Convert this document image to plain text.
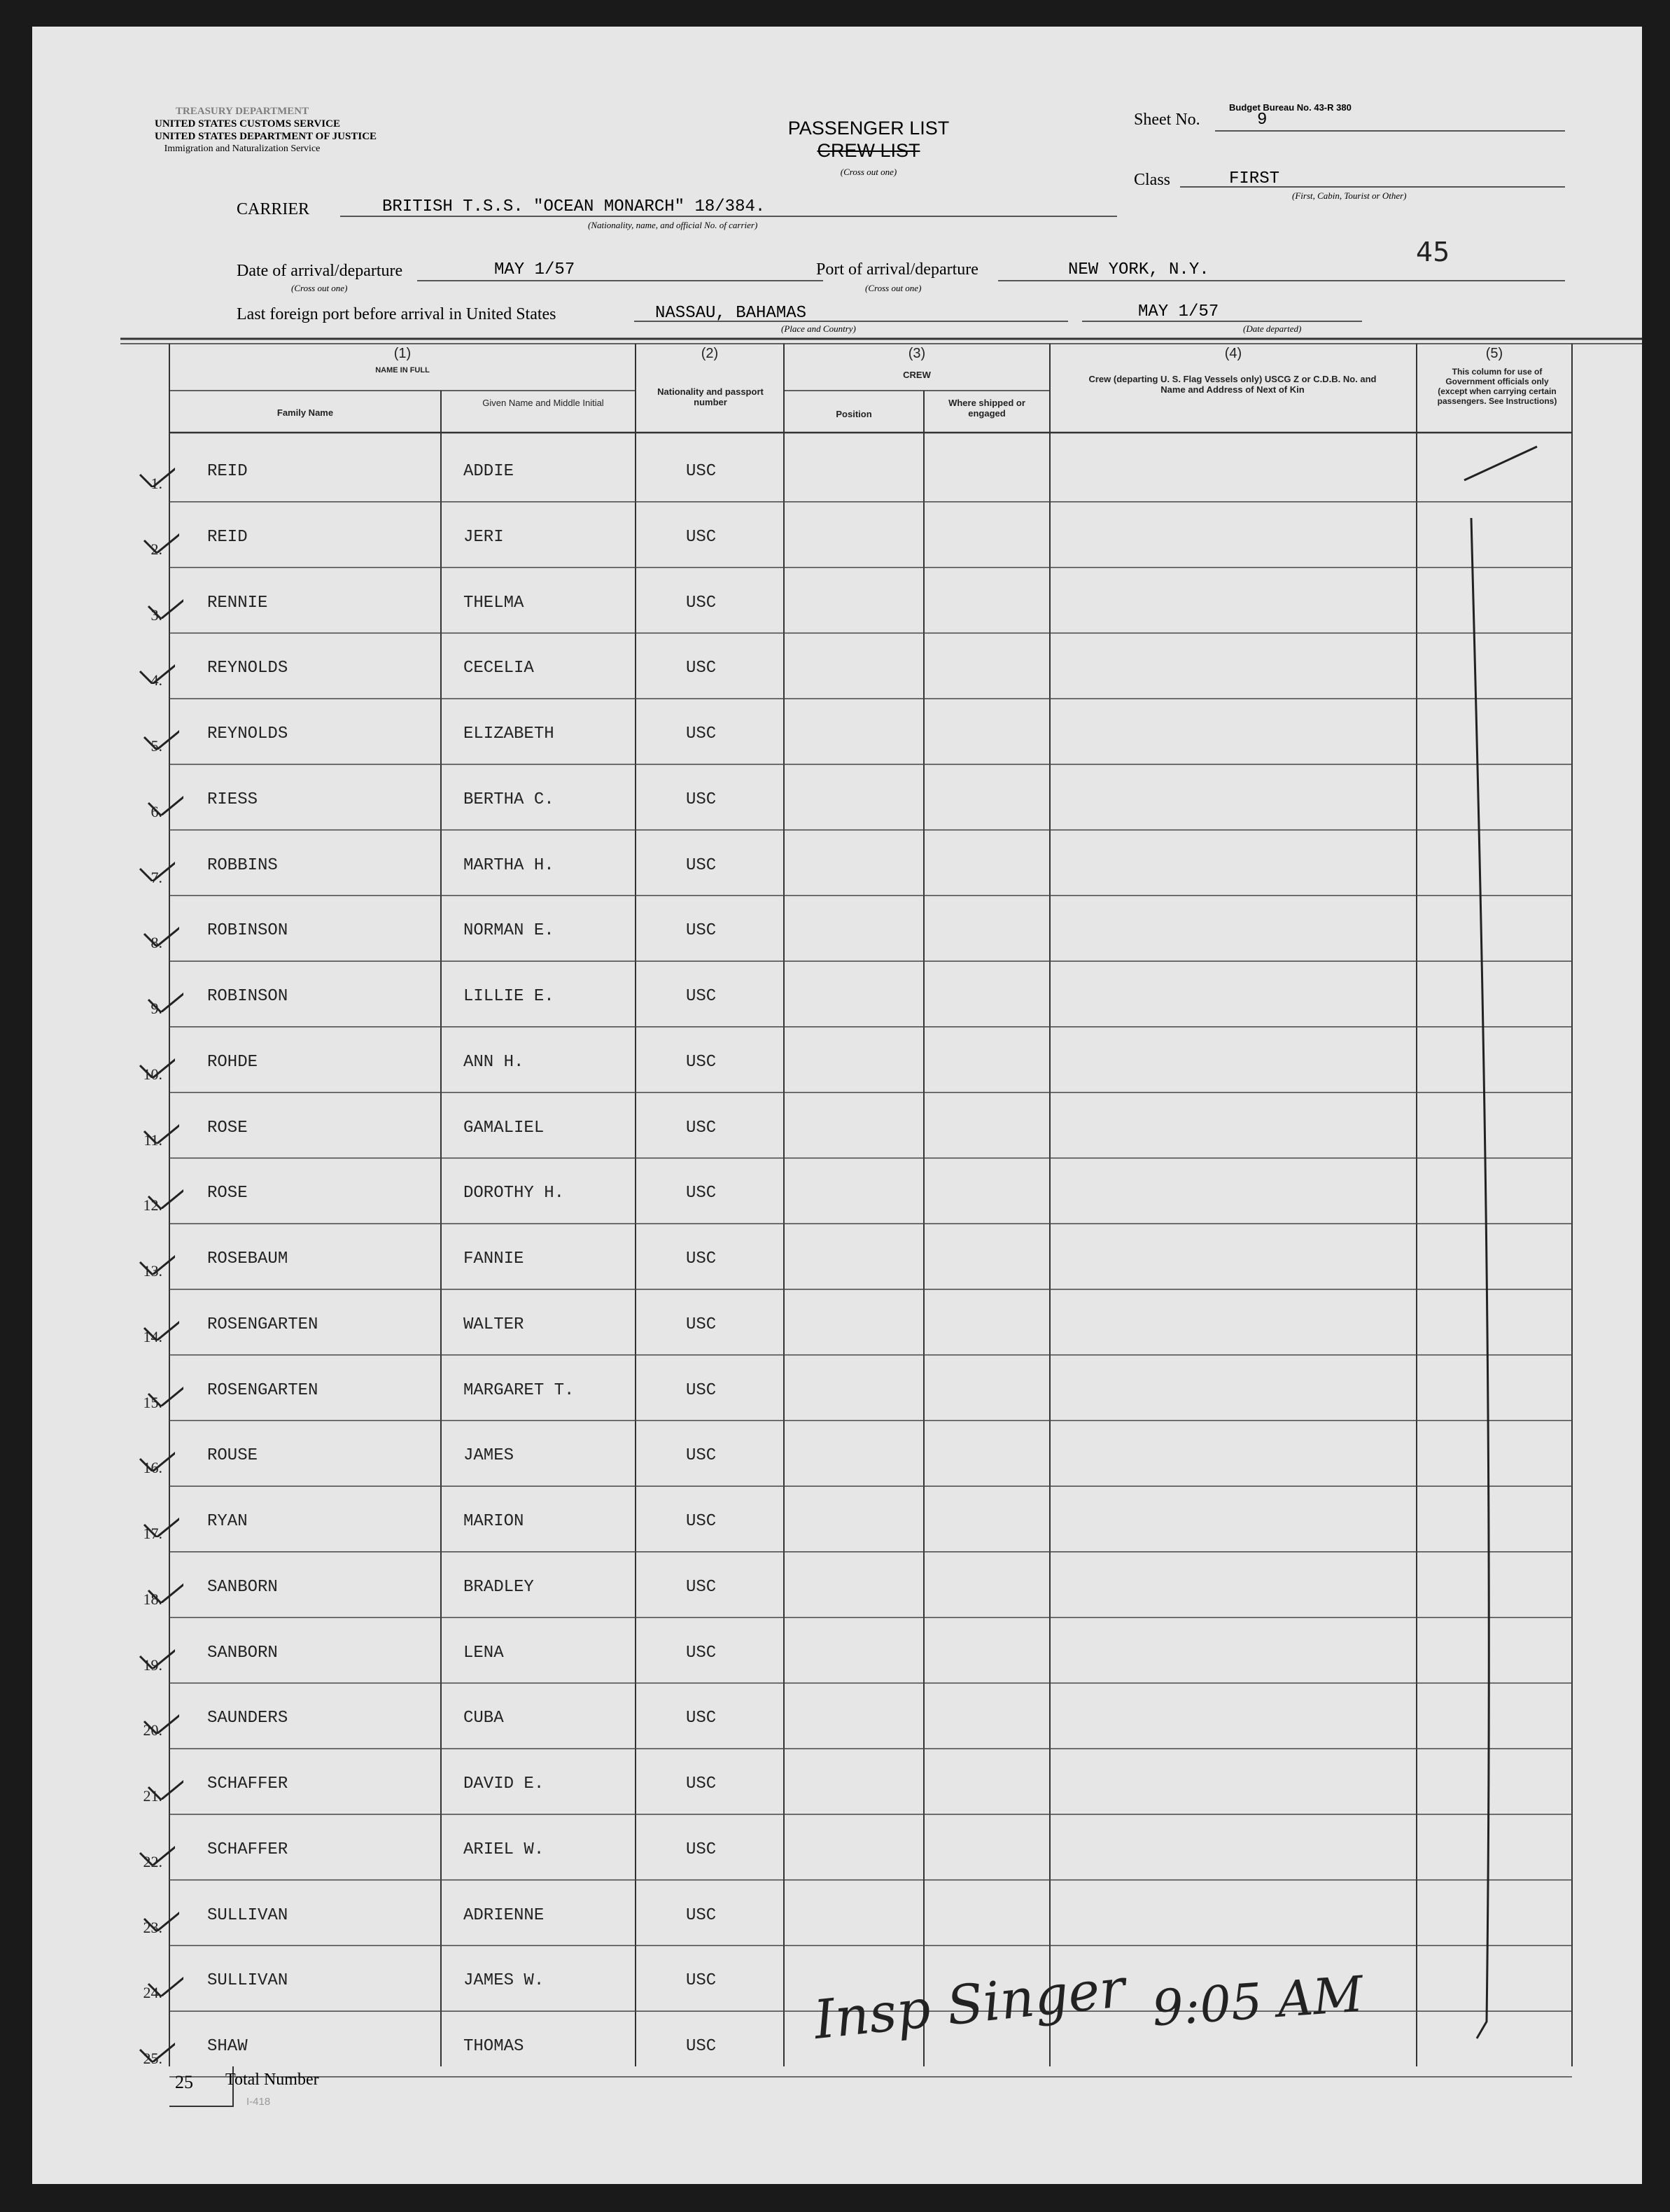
TREASURY DEPARTMENT
UNITED STATES CUSTOMS SERVICE
UNITED STATES DEPARTMENT OF JUSTICE
Immigration and Naturalization Service
Budget Bureau No. 43-R 380
PASSENGER LIST
CREW LIST
(Cross out one)
Sheet No.	9
Class	FIRST
(First, Cabin, Tourist or Other)
45
CARRIER	BRITISH T.S.S. "OCEAN MONARCH" 18/384.
(Nationality, name, and official No. of carrier)
Date of arrival/departure	MAY 1/57
(Cross out one)
Port of arrival/departure	NEW YORK, N.Y.
(Cross out one)
Last foreign port before arrival in United States	NASSAU, BAHAMAS
(Place and Country)
MAY 1/57
(Date departed)
(1)
NAME IN FULL
Family Name
Given Name and Middle Initial
(2)
Nationality and passport number
(3)
CREW
Position
Where shipped or engaged
(4)
Crew (departing U. S. Flag Vessels only) USCG Z or C.D.B. No. and Name and Address of Next of Kin
(5)
This column for use of Government officials only (except when carrying certain passengers. See Instructions)
1.
REID	ADDIE	USC
2.
REID	JERI	USC
3.
RENNIE	THELMA	USC
4.
REYNOLDS	CECELIA	USC
5.
REYNOLDS	ELIZABETH	USC
6.
RIESS	BERTHA C.	USC
7.
ROBBINS	MARTHA H.	USC
8.
ROBINSON	NORMAN E.	USC
9.
ROBINSON	LILLIE E.	USC
10.
ROHDE	ANN H.	USC
11.
ROSE	GAMALIEL	USC
12.
ROSE	DOROTHY H.	USC
13.
ROSEBAUM	FANNIE	USC
14.
ROSENGARTEN	WALTER	USC
15.
ROSENGARTEN	MARGARET T.	USC
16.
ROUSE	JAMES	USC
17.
RYAN	MARION	USC
18.
SANBORN	BRADLEY	USC
19.
SANBORN	LENA	USC
20.
SAUNDERS	CUBA	USC
21.
SCHAFFER	DAVID E.	USC
22.
SCHAFFER	ARIEL W.	USC
23.
SULLIVAN	ADRIENNE	USC
24.
SULLIVAN	JAMES W.	USC
25.
SHAW	THOMAS	USC
25 Total Number
I-418
Insp Singer 9:05 AM
